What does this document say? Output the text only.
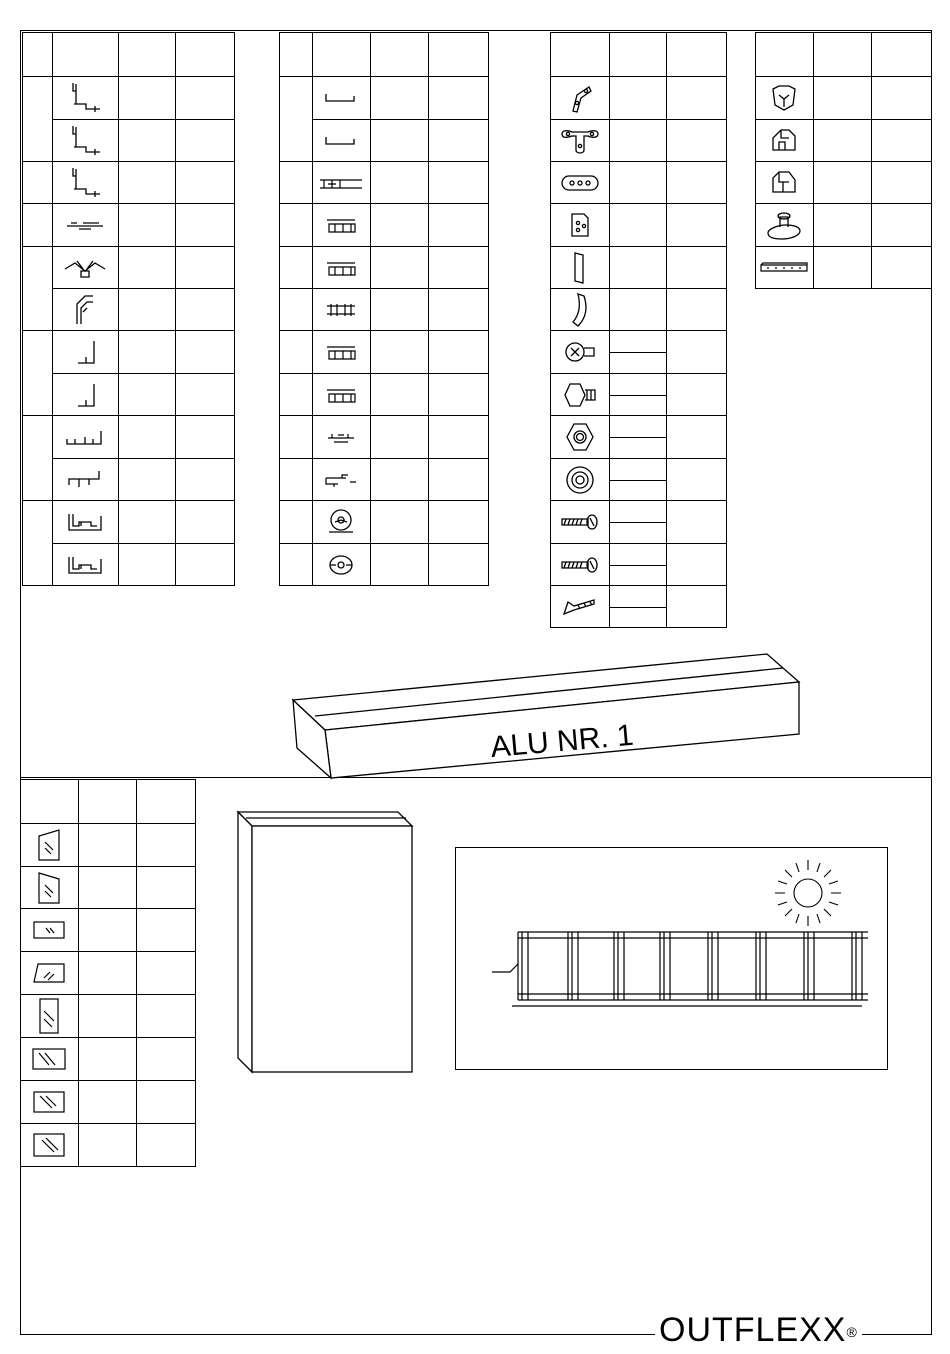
ALU NR. 1

OUTFLEXX®
